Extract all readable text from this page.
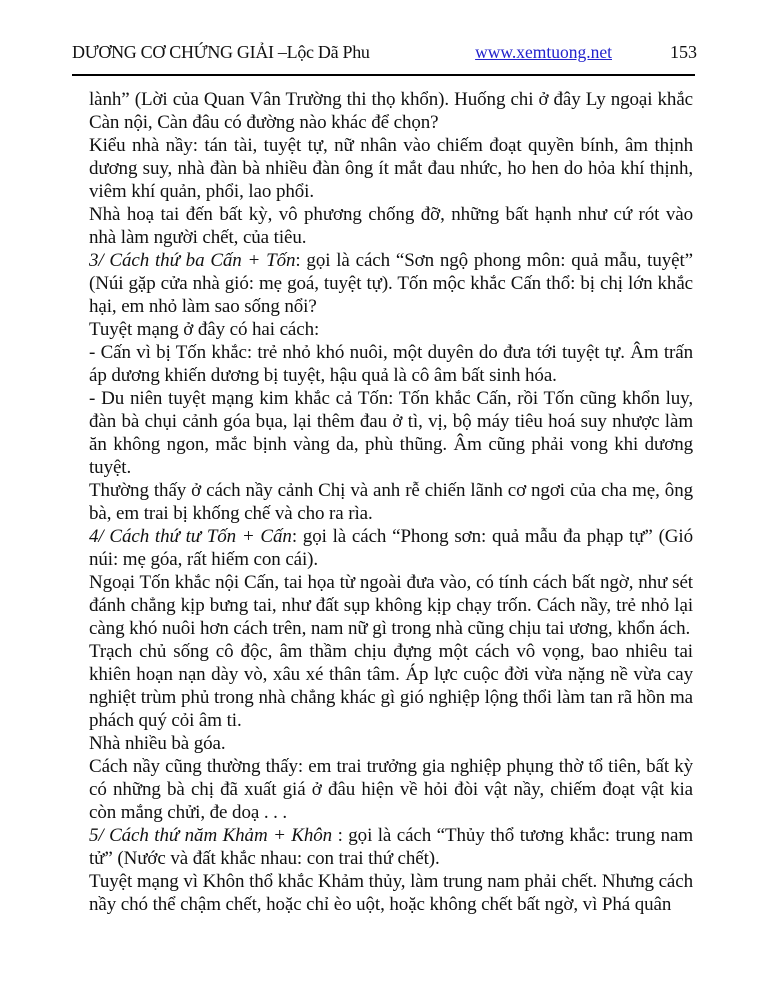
DƯƠNG CƠ CHỨNG GIẢI –Lộc Dã Phu	www.xemtuong.net	153

lành” (Lời của Quan Vân Trường thi thọ khổn). Huống chi ở đây Ly ngoại khắc Càn nội, Càn đâu có đường nào khác để chọn?

Kiểu nhà nầy: tán tài, tuyệt tự, nữ nhân vào chiếm đoạt quyền bính, âm thịnh dương suy, nhà đàn bà nhiều đàn ông ít mắt đau nhức, ho hen do hỏa khí thịnh, viêm khí quản, phổi, lao phổi.

Nhà hoạ tai đến bất kỳ, vô phương chống đỡ, những bất hạnh như cứ rót vào nhà làm người chết, của tiêu.

3/ Cách thứ ba Cấn + Tốn: gọi là cách “Sơn ngộ phong môn: quả mẫu, tuyệt” (Núi gặp cửa nhà gió: mẹ goá, tuyệt tự). Tốn mộc khắc Cấn thổ: bị chị lớn khắc hại, em nhỏ làm sao sống nổi?

Tuyệt mạng ở đây có hai cách:

- Cấn vì bị Tốn khắc: trẻ nhỏ khó nuôi, một duyên do đưa tới tuyệt tự. Âm trấn áp dương khiến dương bị tuyệt, hậu quả là cô âm bất sinh hóa.

- Du niên tuyệt mạng kim khắc cả Tốn: Tốn khắc Cấn, rồi Tốn cũng khổn luy, đàn bà chụi cảnh góa bụa, lại thêm đau ở tì, vị, bộ máy tiêu hoá suy nhược làm ăn không ngon, mắc bịnh vàng da, phù thũng. Âm cũng phải vong khi dương tuyệt.

Thường thấy ở cách nầy cảnh Chị và anh rễ chiến lãnh cơ ngơi của cha mẹ, ông bà, em trai bị khống chế và cho ra rìa.

4/ Cách thứ tư Tốn + Cấn: gọi là cách “Phong sơn: quả mẫu đa phạp tự” (Gió núi: mẹ góa, rất hiếm con cái).

Ngoại Tốn khắc nội Cấn, tai họa từ ngoài đưa vào, có tính cách bất ngờ, như sét đánh chẳng kịp bưng tai, như đất sụp không kịp chạy trốn. Cách nầy, trẻ nhỏ lại càng khó nuôi hơn cách trên, nam nữ gì trong nhà cũng chịu tai ương, khổn ách.

Trạch chủ sống cô độc, âm thầm chịu đựng một cách vô vọng, bao nhiêu tai khiên hoạn nạn dày vò, xâu xé thân tâm. Áp lực cuộc đời vừa nặng nề vừa cay nghiệt trùm phủ trong nhà chẳng khác gì gió nghiệp lộng thổi làm tan rã hồn ma phách quý cỏi âm ti.

Nhà nhiều bà góa.

Cách nầy cũng thường thấy: em trai trưởng gia nghiệp phụng thờ tổ tiên, bất kỳ có những bà chị đã xuất giá ở đâu hiện về hỏi đòi vật nầy, chiếm đoạt vật kia còn mắng chửi, đe doạ . . .

5/ Cách thứ năm Khảm + Khôn : gọi là cách “Thủy thổ tương khắc: trung nam tử” (Nước và đất khắc nhau: con trai thứ chết).

Tuyệt mạng vì Khôn thổ khắc Khảm thủy, làm trung nam phải chết. Nhưng cách nầy chó thể chậm chết, hoặc chỉ èo uột, hoặc không chết bất ngờ, vì Phá quân
